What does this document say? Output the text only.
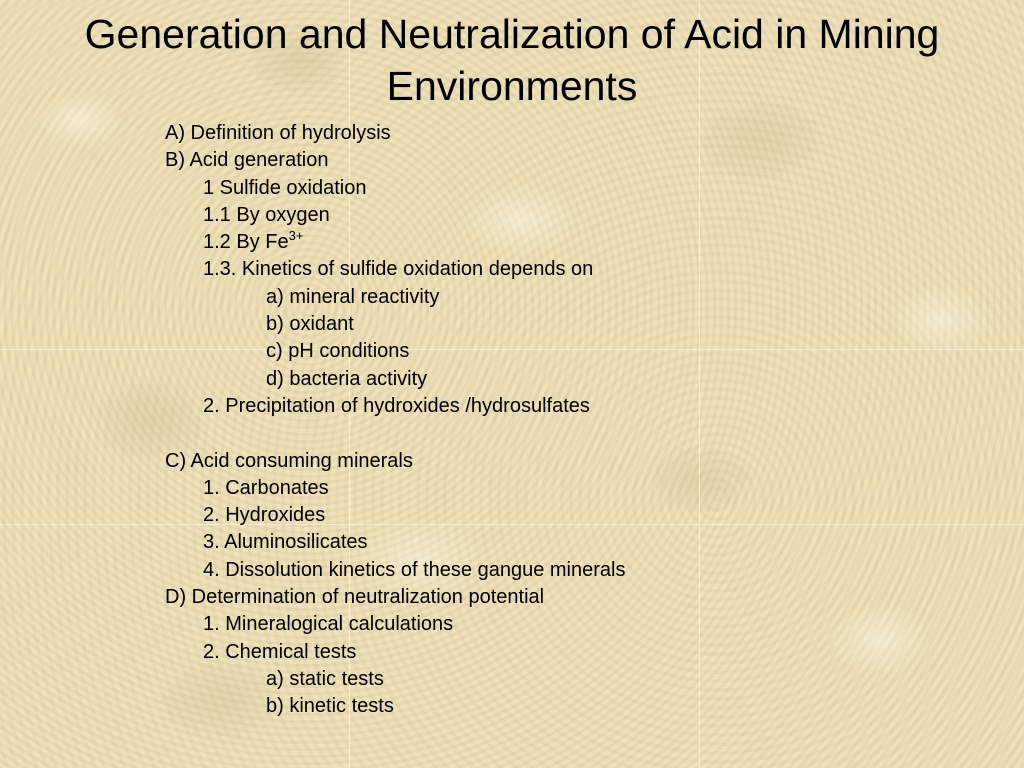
Generation and Neutralization of Acid in Mining Environments
A) Definition of hydrolysis
B) Acid generation
1 Sulfide oxidation
1.1 By oxygen
1.2 By $Fe^{3+}$
1.3. Kinetics of sulfide oxidation depends on
a) mineral reactivity
b) oxidant
c) pH conditions
d) bacteria activity
2. Precipitation of hydroxides /hydrosulfates
C) Acid consuming minerals
1. Carbonates
2. Hydroxides
3. Aluminosilicates
4. Dissolution kinetics of these gangue minerals
D) Determination of neutralization potential
1. Mineralogical calculations
2. Chemical tests
a) static tests
b) kinetic tests
